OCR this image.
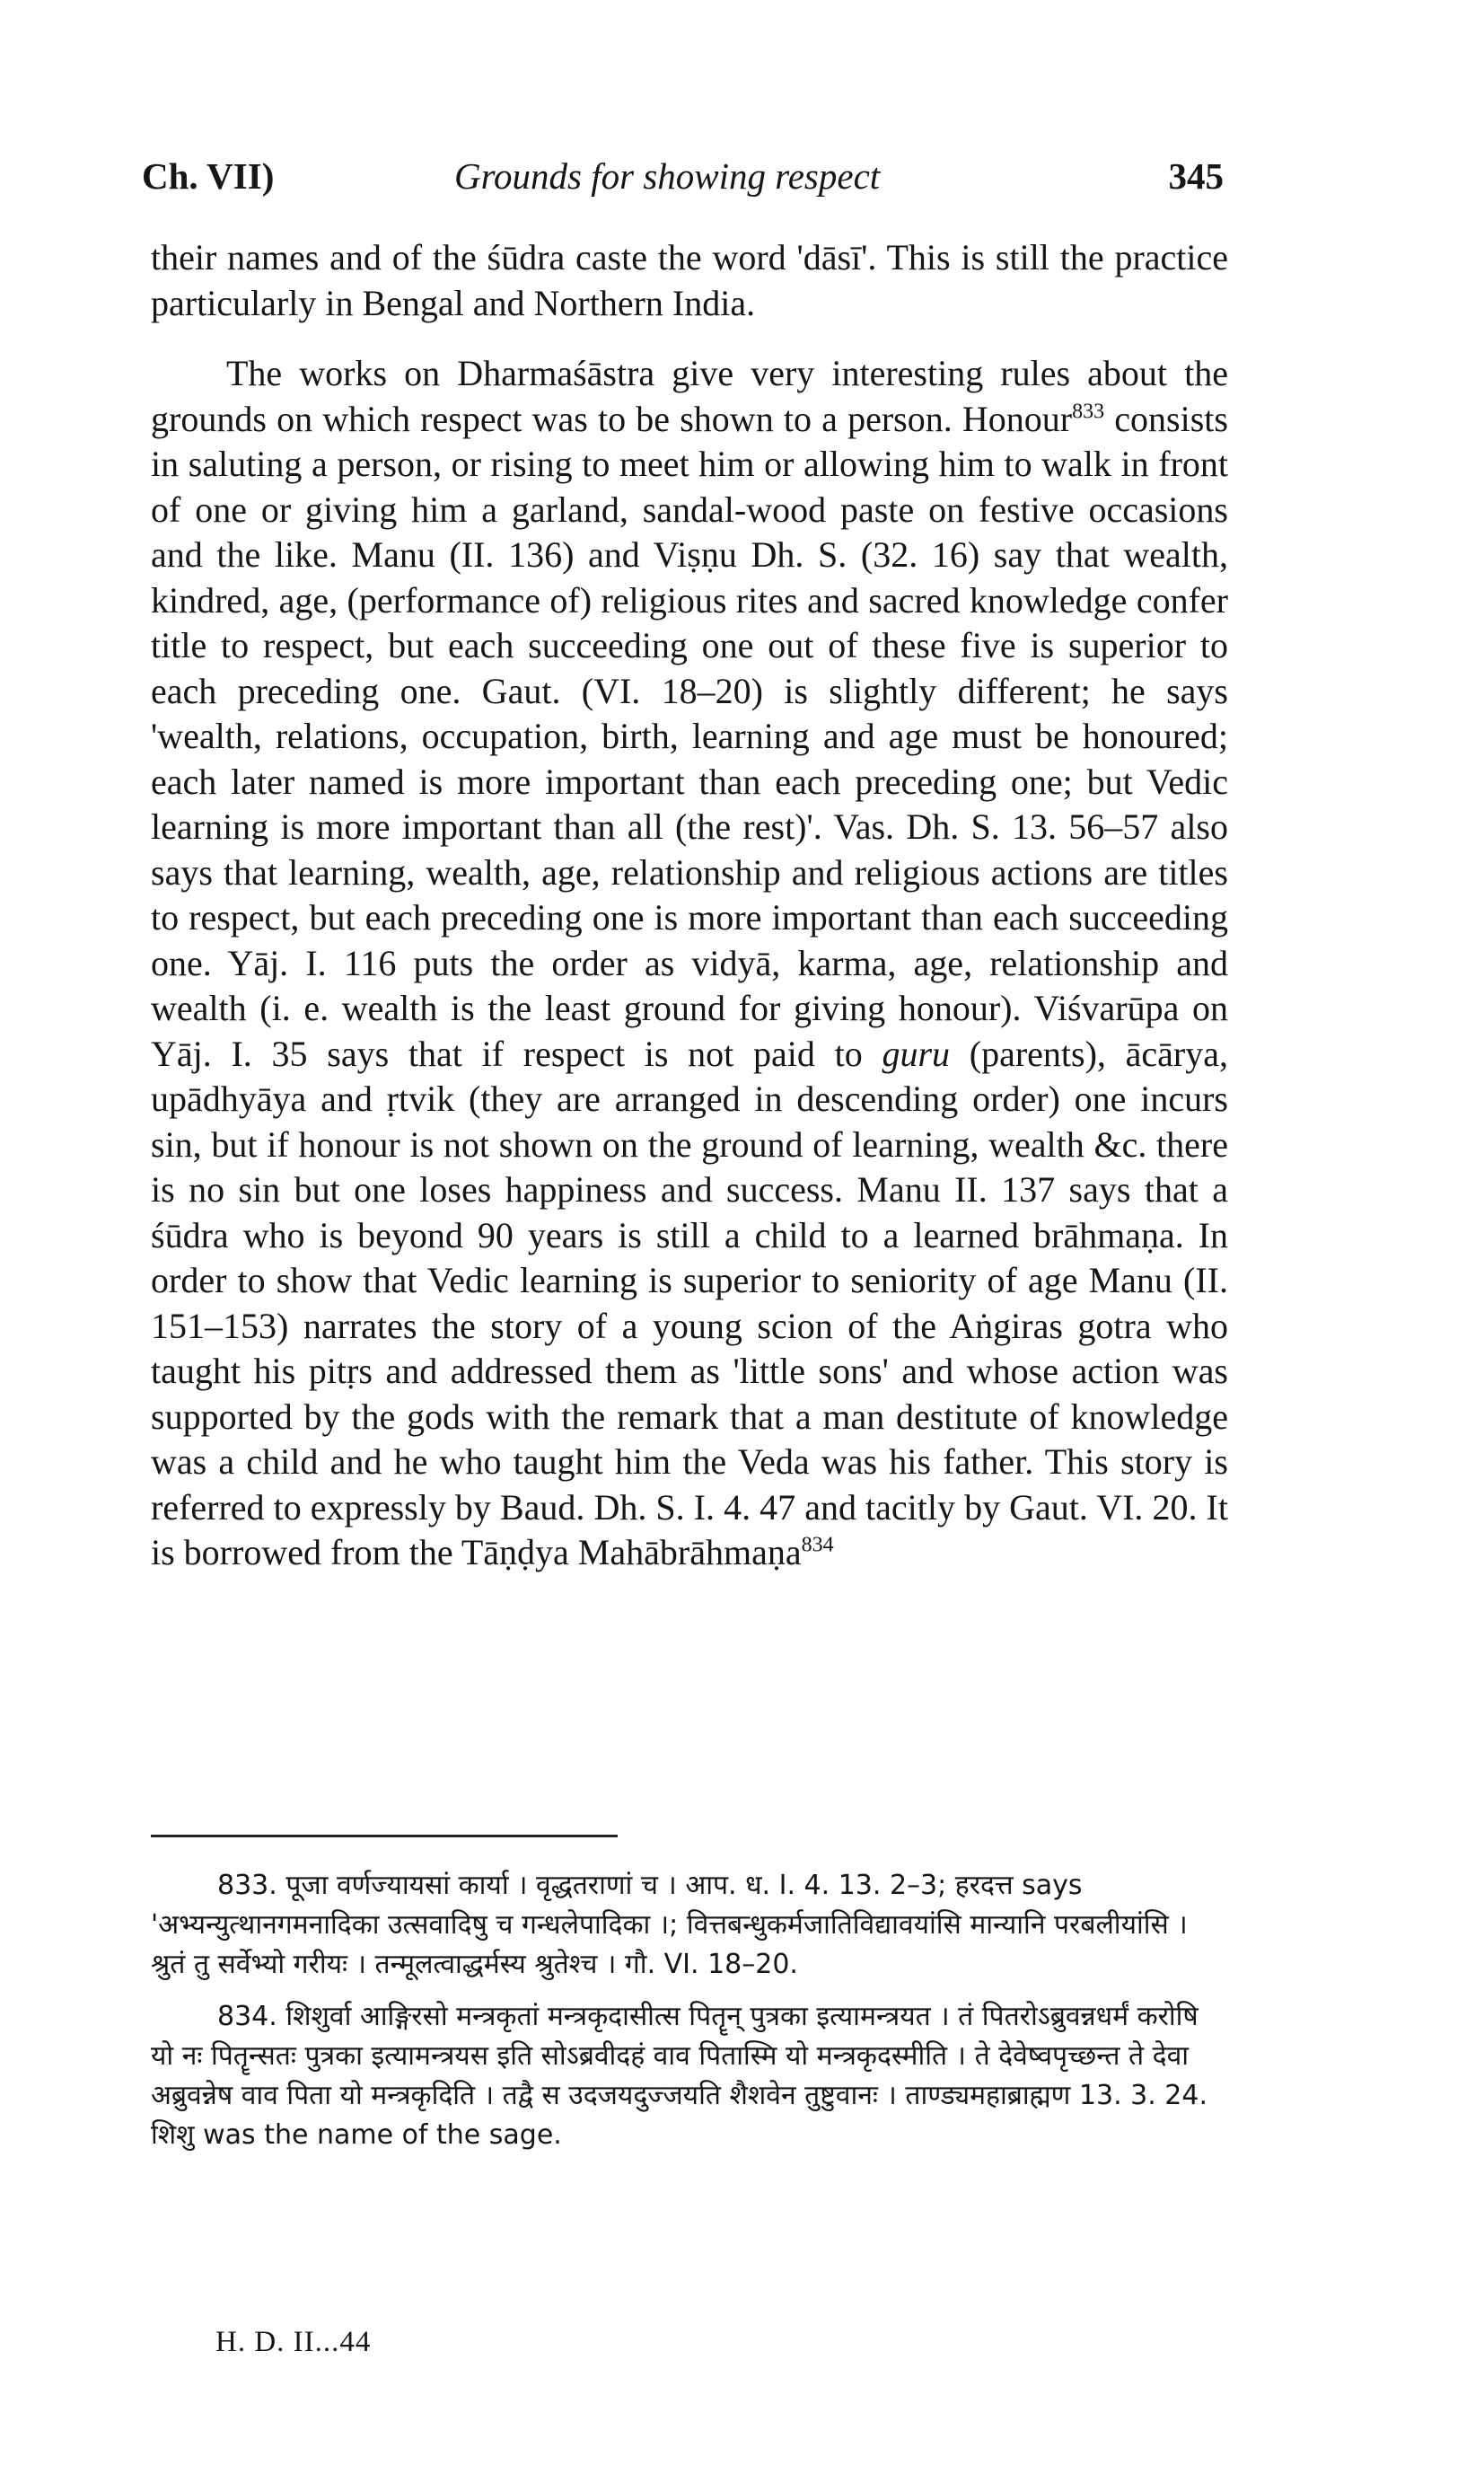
Ch. VII)	Grounds for showing respect	345

their names and of the śūdra caste the word 'dāsī'. This is still the practice particularly in Bengal and Northern India.

The works on Dharmaśāstra give very interesting rules about the grounds on which respect was to be shown to a person. Honour$^{833}$ consists in saluting a person, or rising to meet him or allowing him to walk in front of one or giving him a garland, sandal-wood paste on festive occasions and the like. Manu (II. 136) and Viṣṇu Dh. S. (32. 16) say that wealth, kindred, age, (performance of) religious rites and sacred knowledge confer title to respect, but each succeeding one out of these five is superior to each preceding one. Gaut. (VI. 18–20) is slightly different; he says 'wealth, relations, occupation, birth, learning and age must be honoured; each later named is more important than each preceding one; but Vedic learning is more important than all (the rest)'. Vas. Dh. S. 13. 56–57 also says that learning, wealth, age, relationship and religious actions are titles to respect, but each preceding one is more important than each succeeding one. Yāj. I. 116 puts the order as vidyā, karma, age, relationship and wealth (i. e. wealth is the least ground for giving honour). Viśvarūpa on Yāj. I. 35 says that if respect is not paid to guru (parents), ācārya, upādhyāya and ṛtvik (they are arranged in descending order) one incurs sin, but if honour is not shown on the ground of learning, wealth &c. there is no sin but one loses happiness and success. Manu II. 137 says that a śūdra who is beyond 90 years is still a child to a learned brāhmaṇa. In order to show that Vedic learning is superior to seniority of age Manu (II. 151–153) narrates the story of a young scion of the Aṅgiras gotra who taught his pitṛs and addressed them as 'little sons' and whose action was supported by the gods with the remark that a man destitute of knowledge was a child and he who taught him the Veda was his father. This story is referred to expressly by Baud. Dh. S. I. 4. 47 and tacitly by Gaut. VI. 20. It is borrowed from the Tāṇḍya Mahābrāhmaṇa$^{834}$

833. पूजा वर्णज्यायसां कार्या । वृद्धतराणां च । आप. ध. I. 4. 13. 2–3; हरदत्त says 'अभ्यन्युत्थानगमनादिका उत्सवादिषु च गन्धलेपादिका ।; वित्तबन्धुकर्मजातिविद्यावयांसि मान्यानि परबलीयांसि । श्रुतं तु सर्वेभ्यो गरीयः । तन्मूलत्वाद्धर्मस्य श्रुतेश्च । गौ. VI. 18–20.

834. शिशुर्वा आङ्गिरसो मन्त्रकृतां मन्त्रकृदासीत्स पितॄन् पुत्रका इत्यामन्त्रयत । तं पितरोऽब्रुवन्नधर्मं करोषि यो नः पितॄन्सतः पुत्रका इत्यामन्त्रयस इति सोऽब्रवीदहं वाव पितास्मि यो मन्त्रकृदस्मीति । ते देवेष्वपृच्छन्त ते देवा अब्रुवन्नेष वाव पिता यो मन्त्रकृदिति । तद्वै स उदजयदुज्जयति शैशवेन तुष्टुवानः । ताण्ड्यमहाब्राह्मण 13. 3. 24. शिशु was the name of the sage.

H. D. II...44
